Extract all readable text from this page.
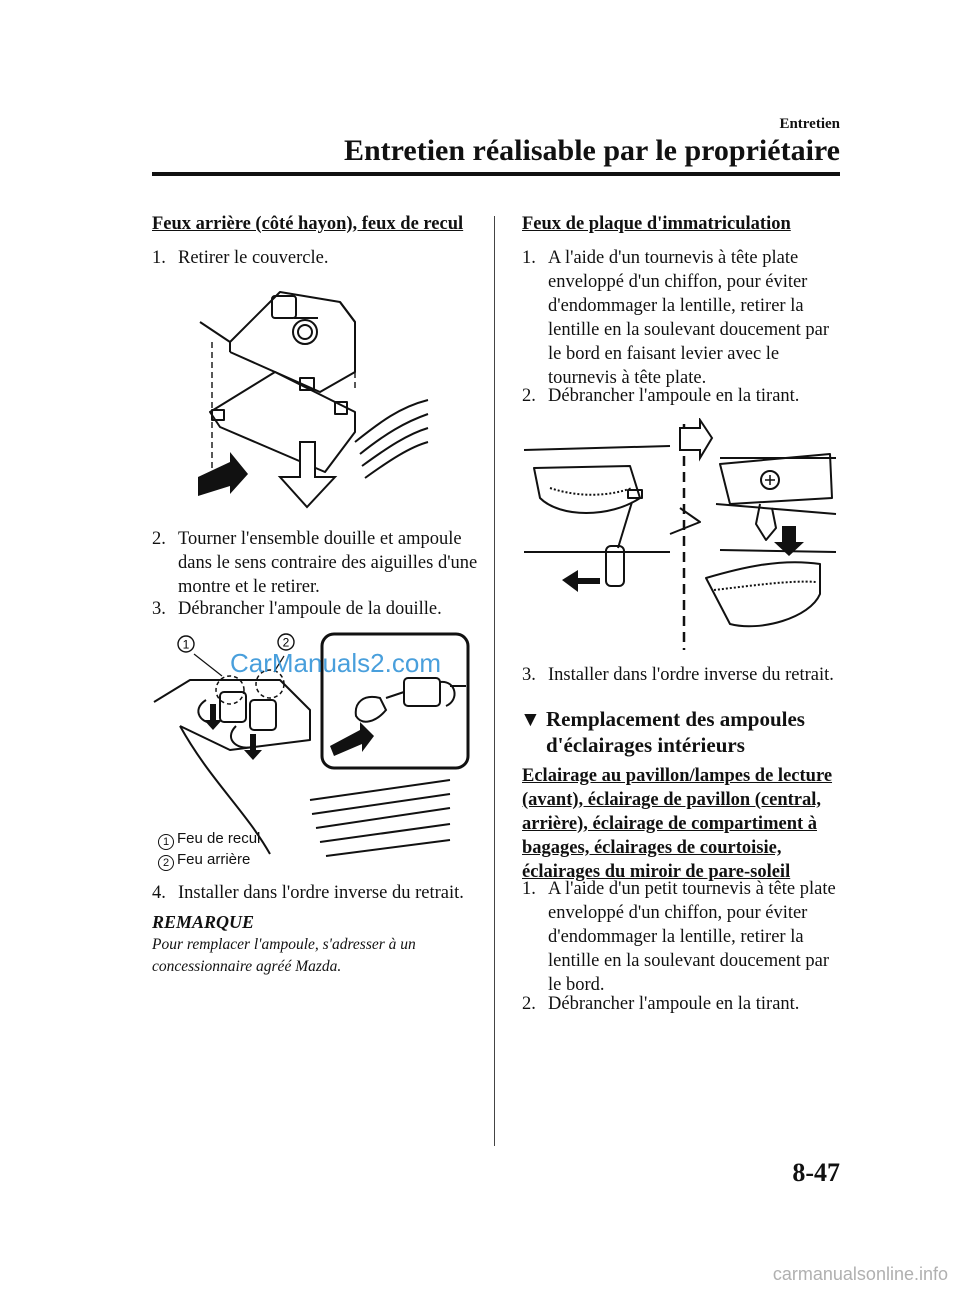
Entretien
Entretien réalisable par le propriétaire
Feux arrière (côté hayon), feux de recul
1. Retirer le couvercle.
2. Tourner l'ensemble douille et ampoule dans le sens contraire des aiguilles d'une montre et le retirer.
3. Débrancher l'ampoule de la douille.
1	2
1 Feu de recul
2 Feu arrière
4. Installer dans l'ordre inverse du retrait.
REMARQUE
Pour remplacer l'ampoule, s'adresser à un concessionnaire agréé Mazda.
CarManuals2.com
Feux de plaque d'immatriculation
1. A l'aide d'un tournevis à tête plate enveloppé d'un chiffon, pour éviter d'endommager la lentille, retirer la lentille en la soulevant doucement par le bord en faisant levier avec le tournevis à tête plate.
2. Débrancher l'ampoule en la tirant.
3. Installer dans l'ordre inverse du retrait.
▼ Remplacement des ampoules d'éclairages intérieurs
Eclairage au pavillon/lampes de lecture (avant), éclairage de pavillon (central, arrière), éclairage de compartiment à bagages, éclairages de courtoisie, éclairages du miroir de pare-soleil
1. A l'aide d'un petit tournevis à tête plate enveloppé d'un chiffon, pour éviter d'endommager la lentille, retirer la lentille en la soulevant doucement par le bord.
2. Débrancher l'ampoule en la tirant.
8-47
carmanualsonline.info
